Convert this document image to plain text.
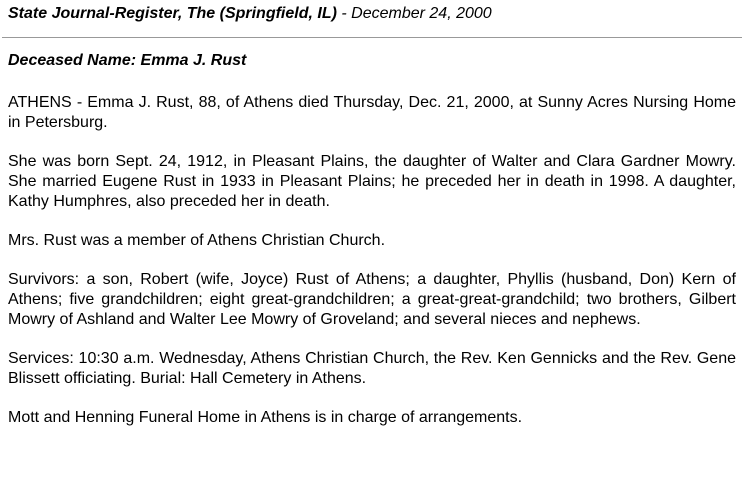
State Journal-Register, The (Springfield, IL) - December 24, 2000
Deceased Name: Emma J. Rust

ATHENS - Emma J. Rust, 88, of Athens died Thursday, Dec. 21, 2000, at Sunny Acres Nursing Home in Petersburg.

She was born Sept. 24, 1912, in Pleasant Plains, the daughter of Walter and Clara Gardner Mowry. She married Eugene Rust in 1933 in Pleasant Plains; he preceded her in death in 1998. A daughter, Kathy Humphres, also preceded her in death.

Mrs. Rust was a member of Athens Christian Church.

Survivors: a son, Robert (wife, Joyce) Rust of Athens; a daughter, Phyllis (husband, Don) Kern of Athens; five grandchildren; eight great-grandchildren; a great-great-grandchild; two brothers, Gilbert Mowry of Ashland and Walter Lee Mowry of Groveland; and several nieces and nephews.

Services: 10:30 a.m. Wednesday, Athens Christian Church, the Rev. Ken Gennicks and the Rev. Gene Blissett officiating. Burial: Hall Cemetery in Athens.

Mott and Henning Funeral Home in Athens is in charge of arrangements.
